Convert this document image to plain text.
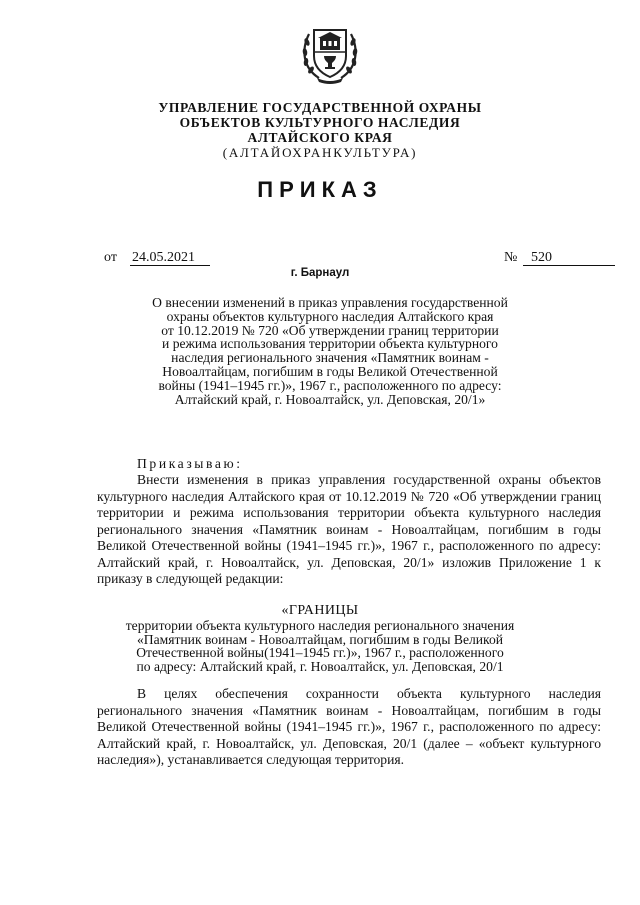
УПРАВЛЕНИЕ ГОСУДАРСТВЕННОЙ ОХРАНЫ
ОБЪЕКТОВ КУЛЬТУРНОГО НАСЛЕДИЯ
АЛТАЙСКОГО КРАЯ
(АЛТАЙОХРАНКУЛЬТУРА)
ПРИКАЗ
от 24.05.2021	№ 520
г. Барнаул
О внесении изменений в приказ управления государственной
охраны объектов культурного наследия Алтайского края
от 10.12.2019 № 720 «Об утверждении границ территории
и режима использования территории объекта культурного
наследия регионального значения «Памятник воинам -
Новоалтайцам, погибшим в годы Великой Отечественной
войны (1941–1945 гг.)», 1967 г., расположенного по адресу:
Алтайский край, г. Новоалтайск, ул. Деповская, 20/1»
Приказываю:

Внести изменения в приказ управления государственной охраны объектов культурного наследия Алтайского края от 10.12.2019 № 720 «Об утверждении границ территории и режима использования территории объекта культурного наследия регионального значения «Памятник воинам - Новоалтайцам, погибшим в годы Великой Отечественной войны (1941–1945 гг.)», 1967 г., расположенного по адресу: Алтайский край, г. Новоалтайск, ул. Деповская, 20/1» изложив Приложение 1 к приказу в следующей редакции:

«ГРАНИЦЫ
территории объекта культурного наследия регионального значения
«Памятник воинам - Новоалтайцам, погибшим в годы Великой
Отечественной войны(1941–1945 гг.)», 1967 г., расположенного
по адресу: Алтайский край, г. Новоалтайск, ул. Деповская, 20/1

В целях обеспечения сохранности объекта культурного наследия регионального значения «Памятник воинам - Новоалтайцам, погибшим в годы Великой Отечественной войны (1941–1945 гг.)», 1967 г., расположенного по адресу: Алтайский край, г. Новоалтайск, ул. Деповская, 20/1 (далее – «объект культурного наследия»), устанавливается следующая территория.
